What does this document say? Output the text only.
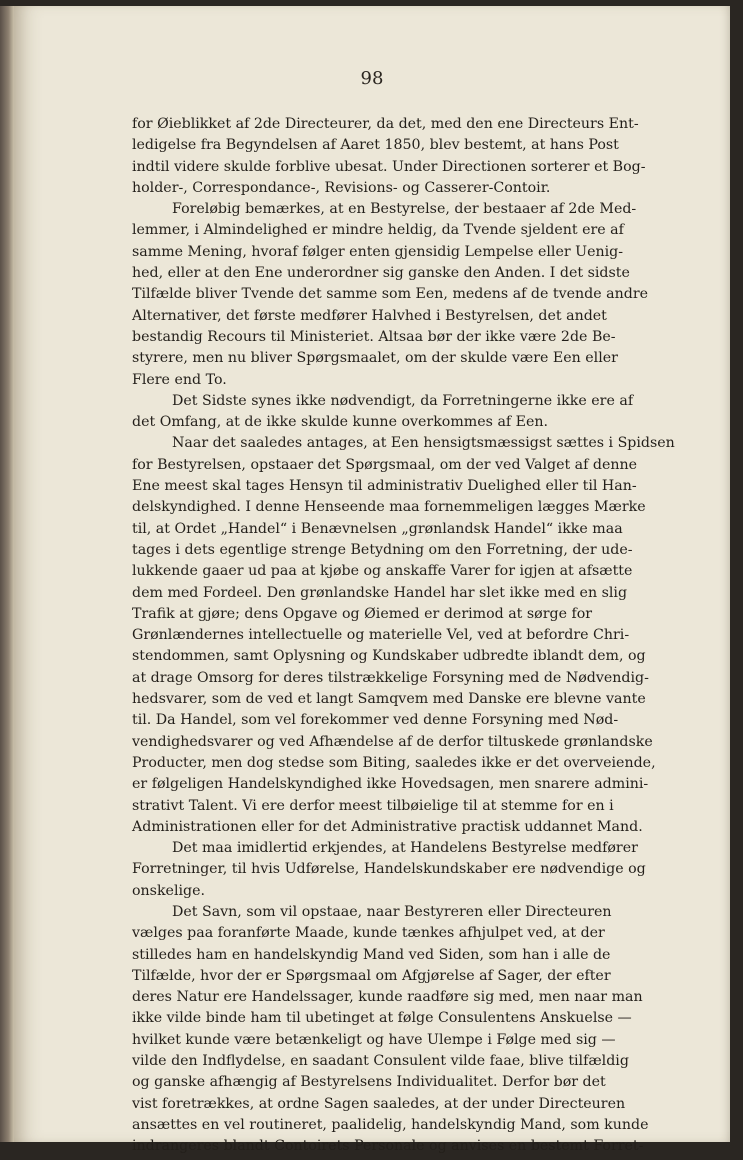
98
for Øieblikket af 2de Directeurer, da det, med den ene Directeurs Ent-
ledigelse fra Begyndelsen af Aaret 1850, blev bestemt, at hans Post
indtil videre skulde forblive ubesat. Under Directionen sorterer et Bog-
holder-, Correspondance-, Revisions- og Casserer-Contoir.
Foreløbig bemærkes, at en Bestyrelse, der bestaaer af 2de Med-
lemmer, i Almindelighed er mindre heldig, da Tvende sjeldent ere af
samme Mening, hvoraf følger enten gjensidig Lempelse eller Uenig-
hed, eller at den Ene underordner sig ganske den Anden. I det sidste
Tilfælde bliver Tvende det samme som Een, medens af de tvende andre
Alternativer, det første medfører Halvhed i Bestyrelsen, det andet
bestandig Recours til Ministeriet. Altsaa bør der ikke være 2de Be-
styrere, men nu bliver Spørgsmaalet, om der skulde være Een eller
Flere end To.
Det Sidste synes ikke nødvendigt, da Forretningerne ikke ere af
det Omfang, at de ikke skulde kunne overkommes af Een.
Naar det saaledes antages, at Een hensigtsmæssigst sættes i Spidsen
for Bestyrelsen, opstaaer det Spørgsmaal, om der ved Valget af denne
Ene meest skal tages Hensyn til administrativ Duelighed eller til Han-
delskyndighed. I denne Henseende maa fornemmeligen lægges Mærke
til, at Ordet „Handel“ i Benævnelsen „grønlandsk Handel“ ikke maa
tages i dets egentlige strenge Betydning om den Forretning, der ude-
lukkende gaaer ud paa at kjøbe og anskaffe Varer for igjen at afsætte
dem med Fordeel. Den grønlandske Handel har slet ikke med en slig
Trafik at gjøre; dens Opgave og Øiemed er derimod at sørge for
Grønlændernes intellectuelle og materielle Vel, ved at befordre Chri-
stendommen, samt Oplysning og Kundskaber udbredte iblandt dem, og
at drage Omsorg for deres tilstrækkelige Forsyning med de Nødvendig-
hedsvarer, som de ved et langt Samqvem med Danske ere blevne vante
til. Da Handel, som vel forekommer ved denne Forsyning med Nød-
vendighedsvarer og ved Afhændelse af de derfor tiltuskede grønlandske
Producter, men dog stedse som Biting, saaledes ikke er det overveiende,
er følgeligen Handelskyndighed ikke Hovedsagen, men snarere admini-
strativt Talent. Vi ere derfor meest tilbøielige til at stemme for en i
Administrationen eller for det Administrative practisk uddannet Mand.
Det maa imidlertid erkjendes, at Handelens Bestyrelse medfører
Forretninger, til hvis Udførelse, Handelskundskaber ere nødvendige og
onskelige.
Det Savn, som vil opstaae, naar Bestyreren eller Directeuren
vælges paa foranførte Maade, kunde tænkes afhjulpet ved, at der
stilledes ham en handelskyndig Mand ved Siden, som han i alle de
Tilfælde, hvor der er Spørgsmaal om Afgjørelse af Sager, der efter
deres Natur ere Handelssager, kunde raadføre sig med, men naar man
ikke vilde binde ham til ubetinget at følge Consulentens Anskuelse —
hvilket kunde være betænkeligt og have Ulempe i Følge med sig —
vilde den Indflydelse, en saadant Consulent vilde faae, blive tilfældig
og ganske afhængig af Bestyrelsens Individualitet. Derfor bør det
vist foretrækkes, at ordne Sagen saaledes, at der under Directeuren
ansættes en vel routineret, paalidelig, handelskyndig Mand, som kunde
indrangeres blandt Contoirets Personale og anvises en bestemt Forret-
